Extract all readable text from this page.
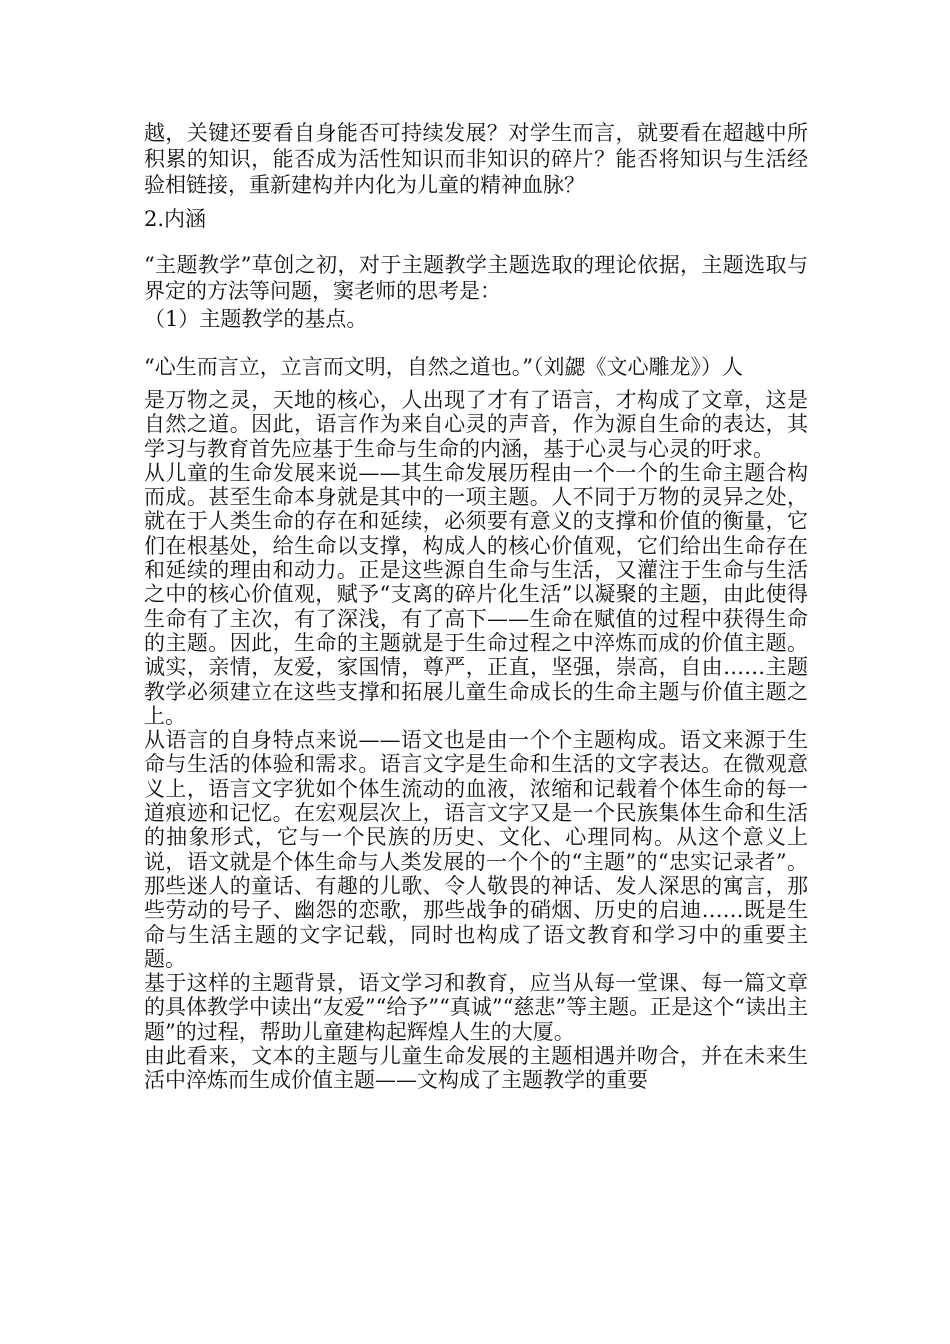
越，关键还要看自身能否可持续发展？对学生而言，就要看在超越中所积累的知识，能否成为活性知识而非知识的碎片？能否将知识与生活经验相链接，重新建构并内化为儿童的精神血脉？

2.内涵

“主题教学”草创之初，对于主题教学主题选取的理论依据，主题选取与界定的方法等问题，窦老师的思考是：

（1）主题教学的基点。

“心生而言立，立言而文明，自然之道也。”（刘勰《文心雕龙》）人

是万物之灵，天地的核心，人出现了才有了语言，才构成了文章，这是自然之道。因此，语言作为来自心灵的声音，作为源自生命的表达，其学习与教育首先应基于生命与生命的内涵，基于心灵与心灵的吁求。

从儿童的生命发展来说——其生命发展历程由一个一个的生命主题合构而成。甚至生命本身就是其中的一项主题。人不同于万物的灵异之处，就在于人类生命的存在和延续，必须要有意义的支撑和价值的衡量，它们在根基处，给生命以支撑，构成人的核心价值观，它们给出生命存在和延续的理由和动力。正是这些源自生命与生活，又灌注于生命与生活之中的核心价值观，赋予“支离的碎片化生活”以凝聚的主题，由此使得生命有了主次，有了深浅，有了高下——生命在赋值的过程中获得生命的主题。因此，生命的主题就是于生命过程之中淬炼而成的价值主题。诚实，亲情，友爱，家国情，尊严，正直，坚强，崇高，自由……主题教学必须建立在这些支撑和拓展儿童生命成长的生命主题与价值主题之上。

从语言的自身特点来说——语文也是由一个个主题构成。语文来源于生命与生活的体验和需求。语言文字是生命和生活的文字表达。在微观意义上，语言文字犹如个体生流动的血液，浓缩和记载着个体生命的每一道痕迹和记忆。在宏观层次上，语言文字又是一个民族集体生命和生活的抽象形式，它与一个民族的历史、文化、心理同构。从这个意义上说，语文就是个体生命与人类发展的一个个的“主题”的“忠实记录者”。那些迷人的童话、有趣的儿歌、令人敬畏的神话、发人深思的寓言，那些劳动的号子、幽怨的恋歌，那些战争的硝烟、历史的启迪……既是生命与生活主题的文字记载，同时也构成了语文教育和学习中的重要主题。

基于这样的主题背景，语文学习和教育，应当从每一堂课、每一篇文章的具体教学中读出“友爱”“给予”“真诚”“慈悲”等主题。正是这个“读出主题”的过程，帮助儿童建构起辉煌人生的大厦。

由此看来，文本的主题与儿童生命发展的主题相遇并吻合，并在未来生活中淬炼而生成价值主题——文构成了主题教学的重要
